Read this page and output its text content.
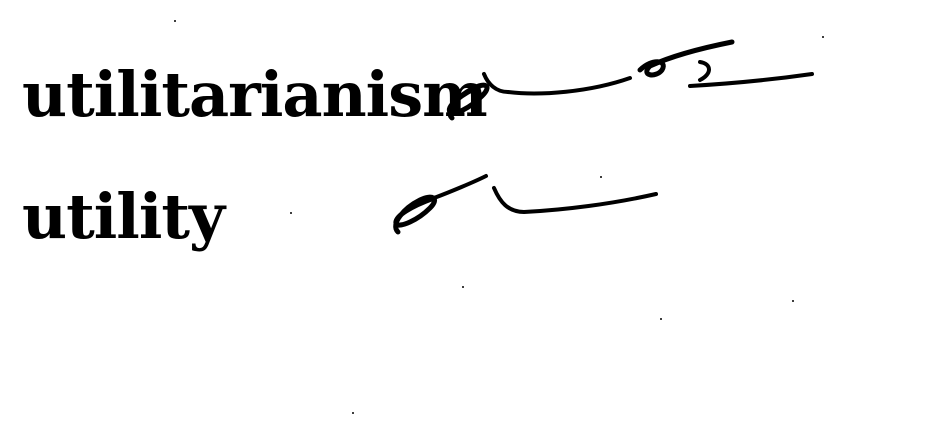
utilitarianism
utility
